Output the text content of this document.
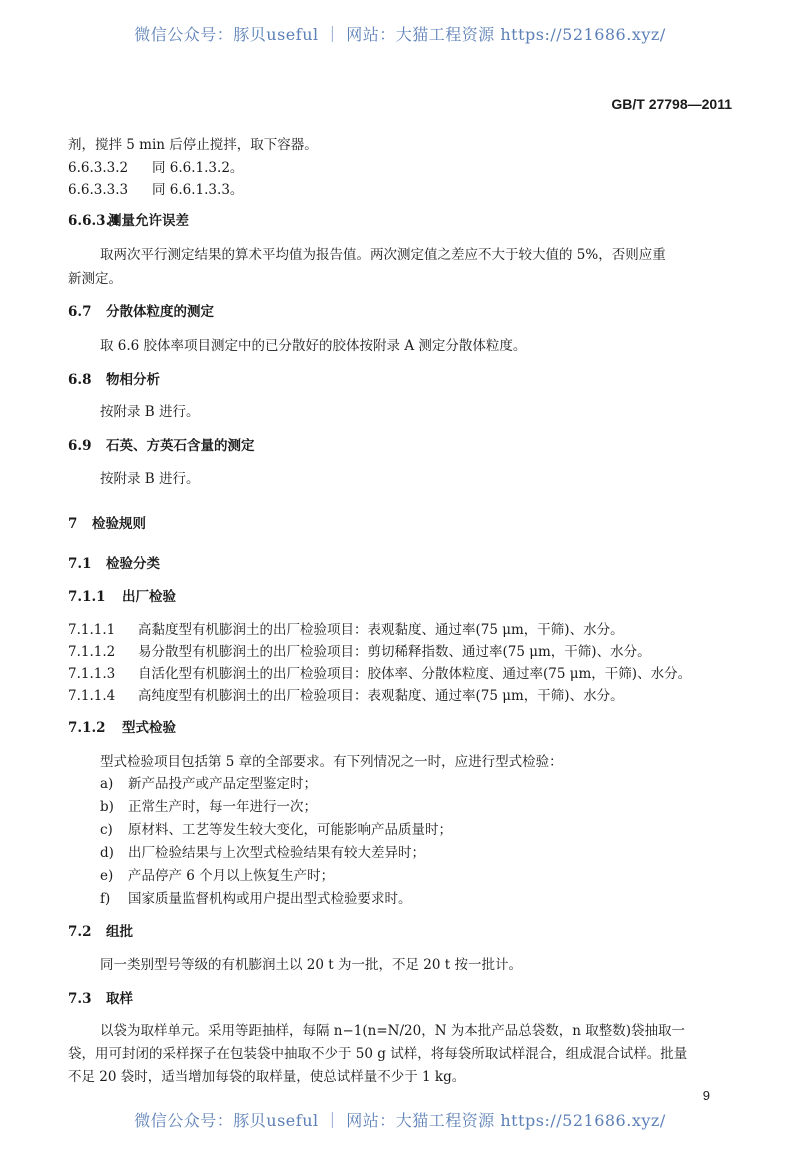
微信公众号：豚贝useful ｜ 网站：大猫工程资源 https://521686.xyz/
GB/T 27798—2011
剂，搅拌 5 min 后停止搅拌，取下容器。
6.6.3.3.2 同 6.6.1.3.2。
6.6.3.3.3 同 6.6.1.3.3。
6.6.3.4测量允许误差
取两次平行测定结果的算术平均值为报告值。两次测定值之差应不大于较大值的 5%，否则应重
新测定。
6.7 分散体粒度的测定
取 6.6 胶体率项目测定中的已分散好的胶体按附录 A 测定分散体粒度。
6.8 物相分析
按附录 B 进行。
6.9 石英、方英石含量的测定
按附录 B 进行。
7 检验规则
7.1 检验分类
7.1.1 出厂检验
7.1.1.1 高黏度型有机膨润土的出厂检验项目：表观黏度、通过率(75 μm，干筛)、水分。
7.1.1.2 易分散型有机膨润土的出厂检验项目：剪切稀释指数、通过率(75 μm，干筛)、水分。
7.1.1.3 自活化型有机膨润土的出厂检验项目：胶体率、分散体粒度、通过率(75 μm，干筛)、水分。
7.1.1.4 高纯度型有机膨润土的出厂检验项目：表观黏度、通过率(75 μm，干筛)、水分。
7.1.2 型式检验
型式检验项目包括第 5 章的全部要求。有下列情况之一时，应进行型式检验：
a) 新产品投产或产品定型鉴定时；
b) 正常生产时，每一年进行一次；
c) 原材料、工艺等发生较大变化，可能影响产品质量时；
d) 出厂检验结果与上次型式检验结果有较大差异时；
e) 产品停产 6 个月以上恢复生产时；
f) 国家质量监督机构或用户提出型式检验要求时。
7.2 组批
同一类别型号等级的有机膨润土以 20 t 为一批，不足 20 t 按一批计。
7.3 取样
以袋为取样单元。采用等距抽样，每隔 n−1(n=N/20，N 为本批产品总袋数，n 取整数)袋抽取一
袋，用可封闭的采样探子在包装袋中抽取不少于 50 g 试样，将每袋所取试样混合，组成混合试样。批量
不足 20 袋时，适当增加每袋的取样量，使总试样量不少于 1 kg。
9
微信公众号：豚贝useful ｜ 网站：大猫工程资源 https://521686.xyz/
